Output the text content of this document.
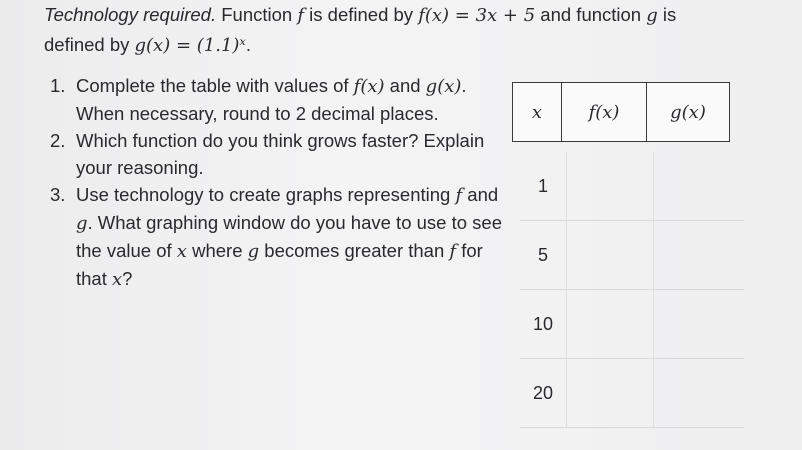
Technology required. Function f is defined by f(x) = 3x + 5 and function g is
defined by g(x) = (1.1)ˣ.
1. Complete the table with values of f(x) and g(x). When necessary, round to 2 decimal places.
2. Which function do you think grows faster? Explain your reasoning.
3. Use technology to create graphs representing f and g. What graphing window do you have to use to see the value of x where g becomes greater than f for that x?
x	f(x)	g(x)
1
5
10
20
